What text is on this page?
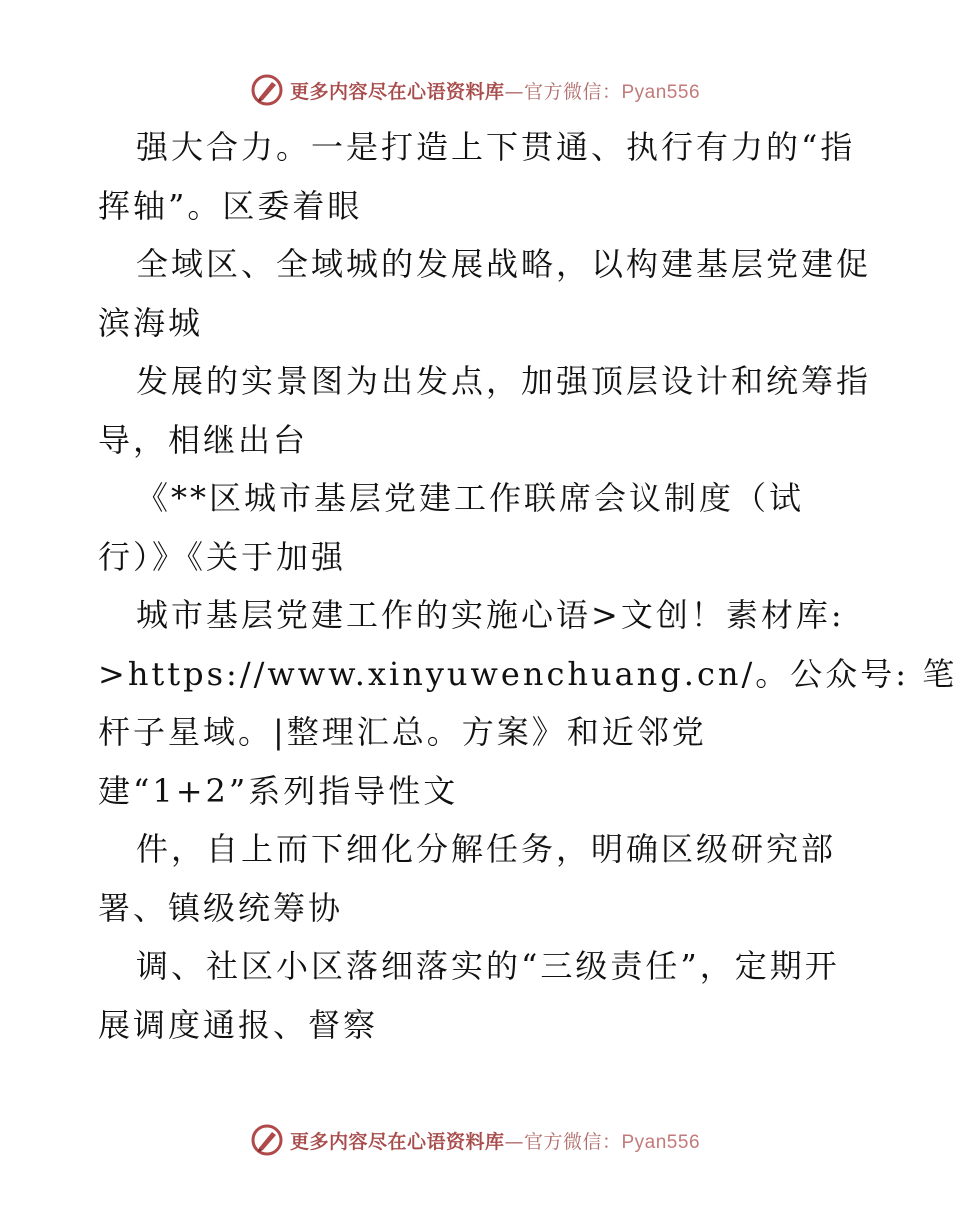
更多内容尽在心语资料库—官方微信：Pyan556
强大合力。一是打造上下贯通、执行有力的“指
挥轴”。区委着眼
全域区、全域城的发展战略，以构建基层党建促
滨海城
发展的实景图为出发点，加强顶层设计和统筹指
导，相继出台
《**区城市基层党建工作联席会议制度（试
行）》《关于加强
城市基层党建工作的实施心语>文创！素材库:
>https://www.xinyuwenchuang.cn/。公众号: 笔
杆子星域。|整理汇总。方案》和近邻党
建“1+2”系列指导性文
件，自上而下细化分解任务，明确区级研究部
署、镇级统筹协
调、社区小区落细落实的“三级责任”，定期开
展调度通报、督察
更多内容尽在心语资料库—官方微信：Pyan556
